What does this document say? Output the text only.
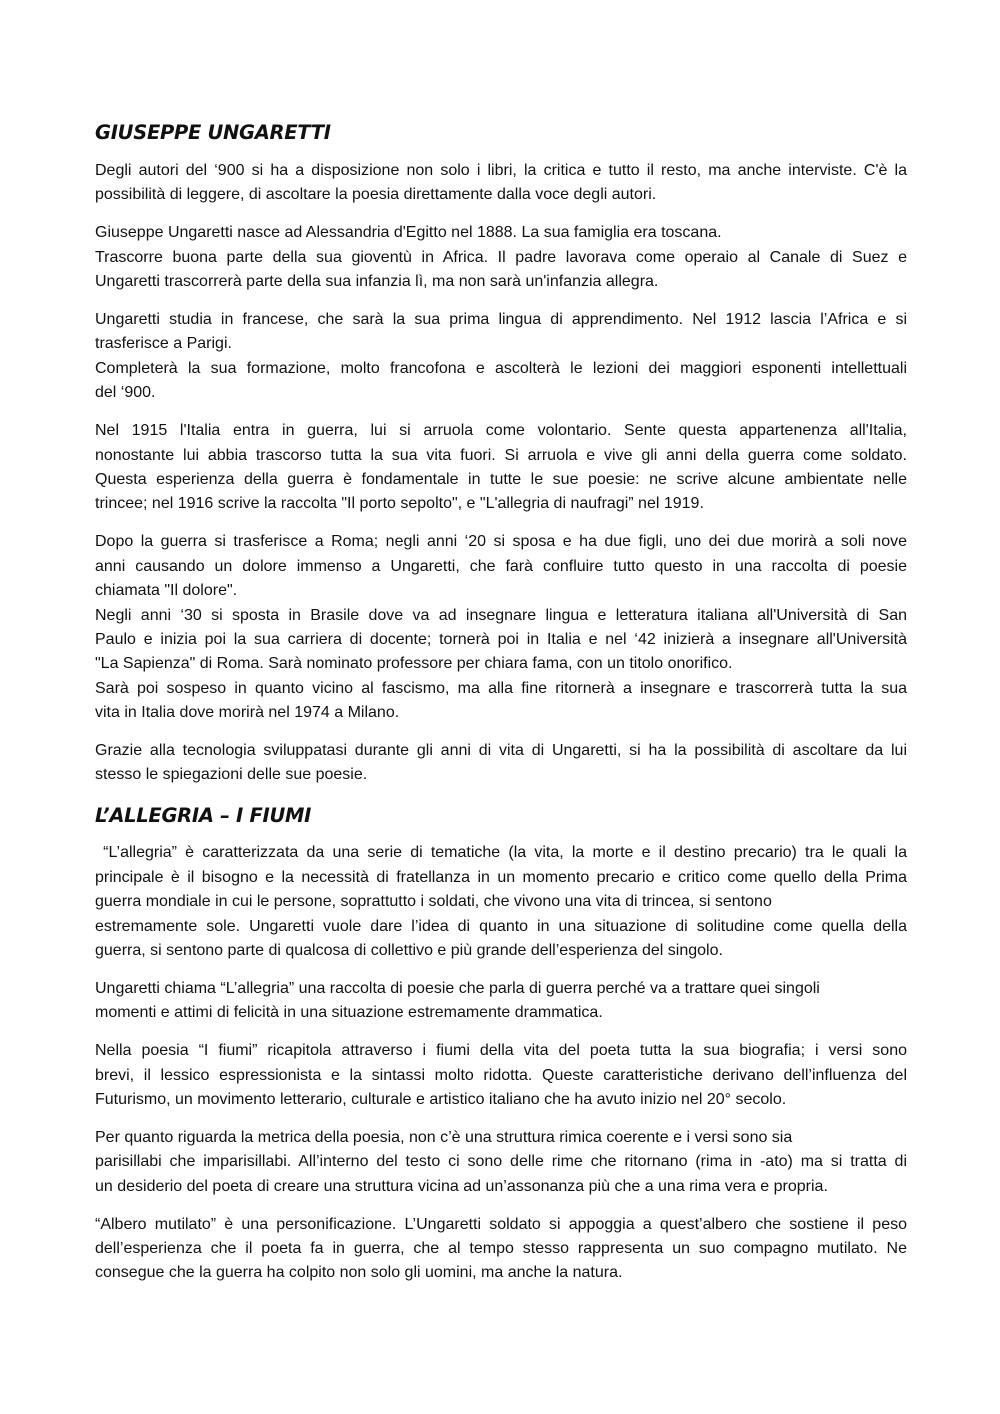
GIUSEPPE UNGARETTI
Degli autori del ‘900 si ha a disposizione non solo i libri, la critica e tutto il resto, ma anche interviste. C'è la
possibilità di leggere, di ascoltare la poesia direttamente dalla voce degli autori.
Giuseppe Ungaretti nasce ad Alessandria d'Egitto nel 1888. La sua famiglia era toscana.
Trascorre buona parte della sua gioventù in Africa. Il padre lavorava come operaio al Canale di Suez e
Ungaretti trascorrerà parte della sua infanzia lì, ma non sarà un'infanzia allegra.
Ungaretti studia in francese, che sarà la sua prima lingua di apprendimento. Nel 1912 lascia l’Africa e si
trasferisce a Parigi.
Completerà la sua formazione, molto francofona e ascolterà le lezioni dei maggiori esponenti intellettuali
del ‘900.
Nel 1915 l'Italia entra in guerra, lui si arruola come volontario. Sente questa appartenenza all'Italia,
nonostante lui abbia trascorso tutta la sua vita fuori. Si arruola e vive gli anni della guerra come soldato.
Questa esperienza della guerra è fondamentale in tutte le sue poesie: ne scrive alcune ambientate nelle
trincee; nel 1916 scrive la raccolta "Il porto sepolto", e "L'allegria di naufragi” nel 1919.
Dopo la guerra si trasferisce a Roma; negli anni ‘20 si sposa e ha due figli, uno dei due morirà a soli nove
anni causando un dolore immenso a Ungaretti, che farà confluire tutto questo in una raccolta di poesie
chiamata "Il dolore".
Negli anni ‘30 si sposta in Brasile dove va ad insegnare lingua e letteratura italiana all'Università di San
Paulo e inizia poi la sua carriera di docente; tornerà poi in Italia e nel ‘42 inizierà a insegnare all'Università
"La Sapienza" di Roma. Sarà nominato professore per chiara fama, con un titolo onorifico.
Sarà poi sospeso in quanto vicino al fascismo, ma alla fine ritornerà a insegnare e trascorrerà tutta la sua
vita in Italia dove morirà nel 1974 a Milano.
Grazie alla tecnologia sviluppatasi durante gli anni di vita di Ungaretti, si ha la possibilità di ascoltare da lui
stesso le spiegazioni delle sue poesie.
L’ALLEGRIA – I FIUMI
“L’allegria” è caratterizzata da una serie di tematiche (la vita, la morte e il destino precario) tra le quali la
principale è il bisogno e la necessità di fratellanza in un momento precario e critico come quello della Prima
guerra mondiale in cui le persone, soprattutto i soldati, che vivono una vita di trincea, si sentono
estremamente sole. Ungaretti vuole dare l’idea di quanto in una situazione di solitudine come quella della
guerra, si sentono parte di qualcosa di collettivo e più grande dell’esperienza del singolo.
Ungaretti chiama “L’allegria” una raccolta di poesie che parla di guerra perché va a trattare quei singoli
momenti e attimi di felicità in una situazione estremamente drammatica.
Nella poesia “I fiumi” ricapitola attraverso i fiumi della vita del poeta tutta la sua biografia; i versi sono
brevi, il lessico espressionista e la sintassi molto ridotta. Queste caratteristiche derivano dell’influenza del
Futurismo, un movimento letterario, culturale e artistico italiano che ha avuto inizio nel 20° secolo.
Per quanto riguarda la metrica della poesia, non c’è una struttura rimica coerente e i versi sono sia
parisillabi che imparisillabi. All’interno del testo ci sono delle rime che ritornano (rima in -ato) ma si tratta di
un desiderio del poeta di creare una struttura vicina ad un’assonanza più che a una rima vera e propria.
“Albero mutilato” è una personificazione. L’Ungaretti soldato si appoggia a quest’albero che sostiene il peso
dell’esperienza che il poeta fa in guerra, che al tempo stesso rappresenta un suo compagno mutilato. Ne
consegue che la guerra ha colpito non solo gli uomini, ma anche la natura.
